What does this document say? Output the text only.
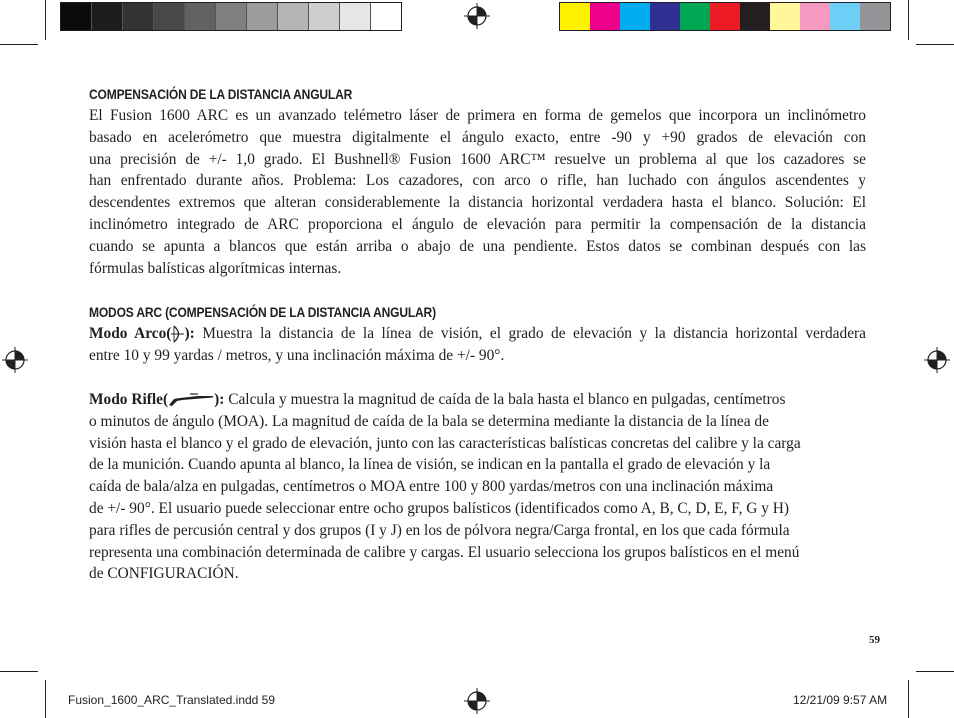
COMPENSACIÓN DE LA DISTANCIA ANGULAR
El Fusion 1600 ARC es un avanzado telémetro láser de primera en forma de gemelos que incorpora un inclinómetro
basado en acelerómetro que muestra digitalmente el ángulo exacto, entre -90 y +90 grados de elevación con
una precisión de +/- 1,0 grado. El Bushnell® Fusion 1600 ARC™ resuelve un problema al que los cazadores se
han enfrentado durante años. Problema: Los cazadores, con arco o rifle, han luchado con ángulos ascendentes y
descendentes extremos que alteran considerablemente la distancia horizontal verdadera hasta el blanco. Solución: El
inclinómetro integrado de ARC proporciona el ángulo de elevación para permitir la compensación de la distancia
cuando se apunta a blancos que están arriba o abajo de una pendiente. Estos datos se combinan después con las
fórmulas balísticas algorítmicas internas.
MODOS ARC (COMPENSACIÓN DE LA DISTANCIA ANGULAR)
Modo Arco( ): Muestra la distancia de la línea de visión, el grado de elevación y la distancia horizontal verdadera
entre 10 y 99 yardas / metros, y una inclinación máxima de +/- 90°.
Modo Rifle(	): Calcula y muestra la magnitud de caída de la bala hasta el blanco en pulgadas, centímetros
o minutos de ángulo (MOA). La magnitud de caída de la bala se determina mediante la distancia de la línea de
visión hasta el blanco y el grado de elevación, junto con las características balísticas concretas del calibre y la carga
de la munición. Cuando apunta al blanco, la línea de visión, se indican en la pantalla el grado de elevación y la
caída de bala/alza en pulgadas, centímetros o MOA entre 100 y 800 yardas/metros con una inclinación máxima
de +/- 90°. El usuario puede seleccionar entre ocho grupos balísticos (identificados como A, B, C, D, E, F, G y H)
para rifles de percusión central y dos grupos (I y J) en los de pólvora negra/Carga frontal, en los que cada fórmula
representa una combinación determinada de calibre y cargas. El usuario selecciona los grupos balísticos en el menú
de CONFIGURACIÓN.
59
Fusion_1600_ARC_Translated.indd 59	12/21/09 9:57 AM
